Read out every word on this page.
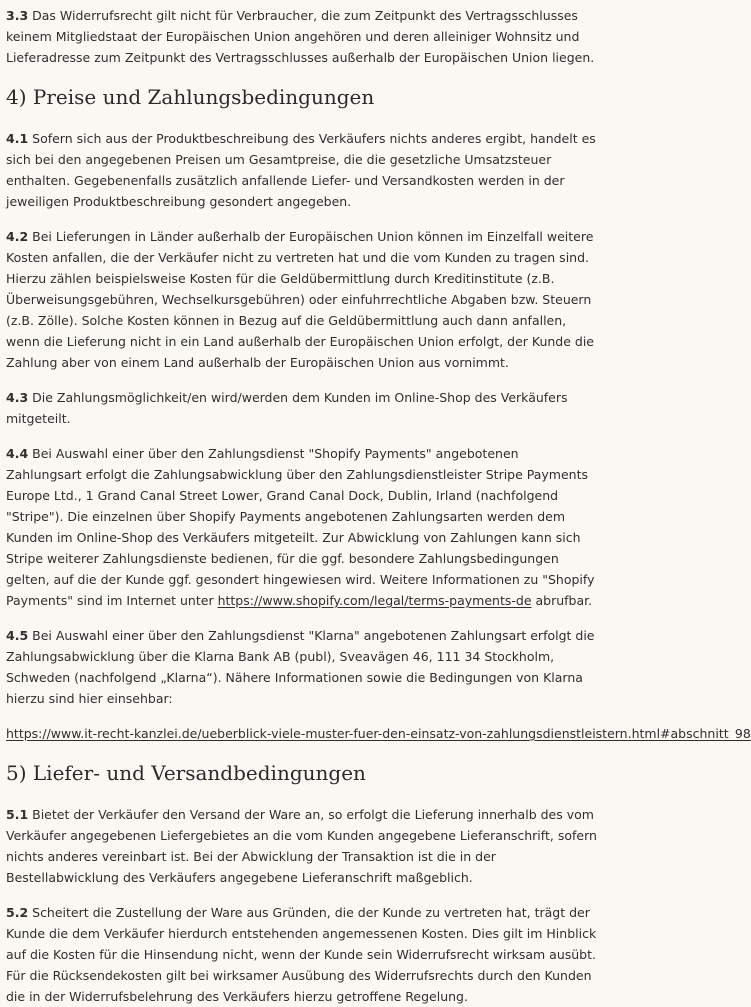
3.3 Das Widerrufsrecht gilt nicht für Verbraucher, die zum Zeitpunkt des Vertragsschlusses keinem Mitgliedstaat der Europäischen Union angehören und deren alleiniger Wohnsitz und Lieferadresse zum Zeitpunkt des Vertragsschlusses außerhalb der Europäischen Union liegen.

4) Preise und Zahlungsbedingungen

4.1 Sofern sich aus der Produktbeschreibung des Verkäufers nichts anderes ergibt, handelt es sich bei den angegebenen Preisen um Gesamtpreise, die die gesetzliche Umsatzsteuer enthalten. Gegebenenfalls zusätzlich anfallende Liefer- und Versandkosten werden in der jeweiligen Produktbeschreibung gesondert angegeben.

4.2 Bei Lieferungen in Länder außerhalb der Europäischen Union können im Einzelfall weitere Kosten anfallen, die der Verkäufer nicht zu vertreten hat und die vom Kunden zu tragen sind. Hierzu zählen beispielsweise Kosten für die Geldübermittlung durch Kreditinstitute (z.B. Überweisungsgebühren, Wechselkursgebühren) oder einfuhrrechtliche Abgaben bzw. Steuern (z.B. Zölle). Solche Kosten können in Bezug auf die Geldübermittlung auch dann anfallen, wenn die Lieferung nicht in ein Land außerhalb der Europäischen Union erfolgt, der Kunde die Zahlung aber von einem Land außerhalb der Europäischen Union aus vornimmt.

4.3 Die Zahlungsmöglichkeit/en wird/werden dem Kunden im Online-Shop des Verkäufers mitgeteilt.

4.4 Bei Auswahl einer über den Zahlungsdienst "Shopify Payments" angebotenen Zahlungsart erfolgt die Zahlungsabwicklung über den Zahlungsdienstleister Stripe Payments Europe Ltd., 1 Grand Canal Street Lower, Grand Canal Dock, Dublin, Irland (nachfolgend "Stripe"). Die einzelnen über Shopify Payments angebotenen Zahlungsarten werden dem Kunden im Online-Shop des Verkäufers mitgeteilt. Zur Abwicklung von Zahlungen kann sich Stripe weiterer Zahlungsdienste bedienen, für die ggf. besondere Zahlungsbedingungen gelten, auf die der Kunde ggf. gesondert hingewiesen wird. Weitere Informationen zu "Shopify Payments" sind im Internet unter https://www.shopify.com/legal/terms-payments-de abrufbar.

4.5 Bei Auswahl einer über den Zahlungsdienst "Klarna" angebotenen Zahlungsart erfolgt die Zahlungsabwicklung über die Klarna Bank AB (publ), Sveavägen 46, 111 34 Stockholm, Schweden (nachfolgend „Klarna“). Nähere Informationen sowie die Bedingungen von Klarna hierzu sind hier einsehbar:

https://www.it-recht-kanzlei.de/ueberblick-viele-muster-fuer-den-einsatz-von-zahlungsdienstleistern.html#abschnitt_98

5) Liefer- und Versandbedingungen

5.1 Bietet der Verkäufer den Versand der Ware an, so erfolgt die Lieferung innerhalb des vom Verkäufer angegebenen Liefergebietes an die vom Kunden angegebene Lieferanschrift, sofern nichts anderes vereinbart ist. Bei der Abwicklung der Transaktion ist die in der Bestellabwicklung des Verkäufers angegebene Lieferanschrift maßgeblich.

5.2 Scheitert die Zustellung der Ware aus Gründen, die der Kunde zu vertreten hat, trägt der Kunde die dem Verkäufer hierdurch entstehenden angemessenen Kosten. Dies gilt im Hinblick auf die Kosten für die Hinsendung nicht, wenn der Kunde sein Widerrufsrecht wirksam ausübt. Für die Rücksendekosten gilt bei wirksamer Ausübung des Widerrufsrechts durch den Kunden die in der Widerrufsbelehrung des Verkäufers hierzu getroffene Regelung.
